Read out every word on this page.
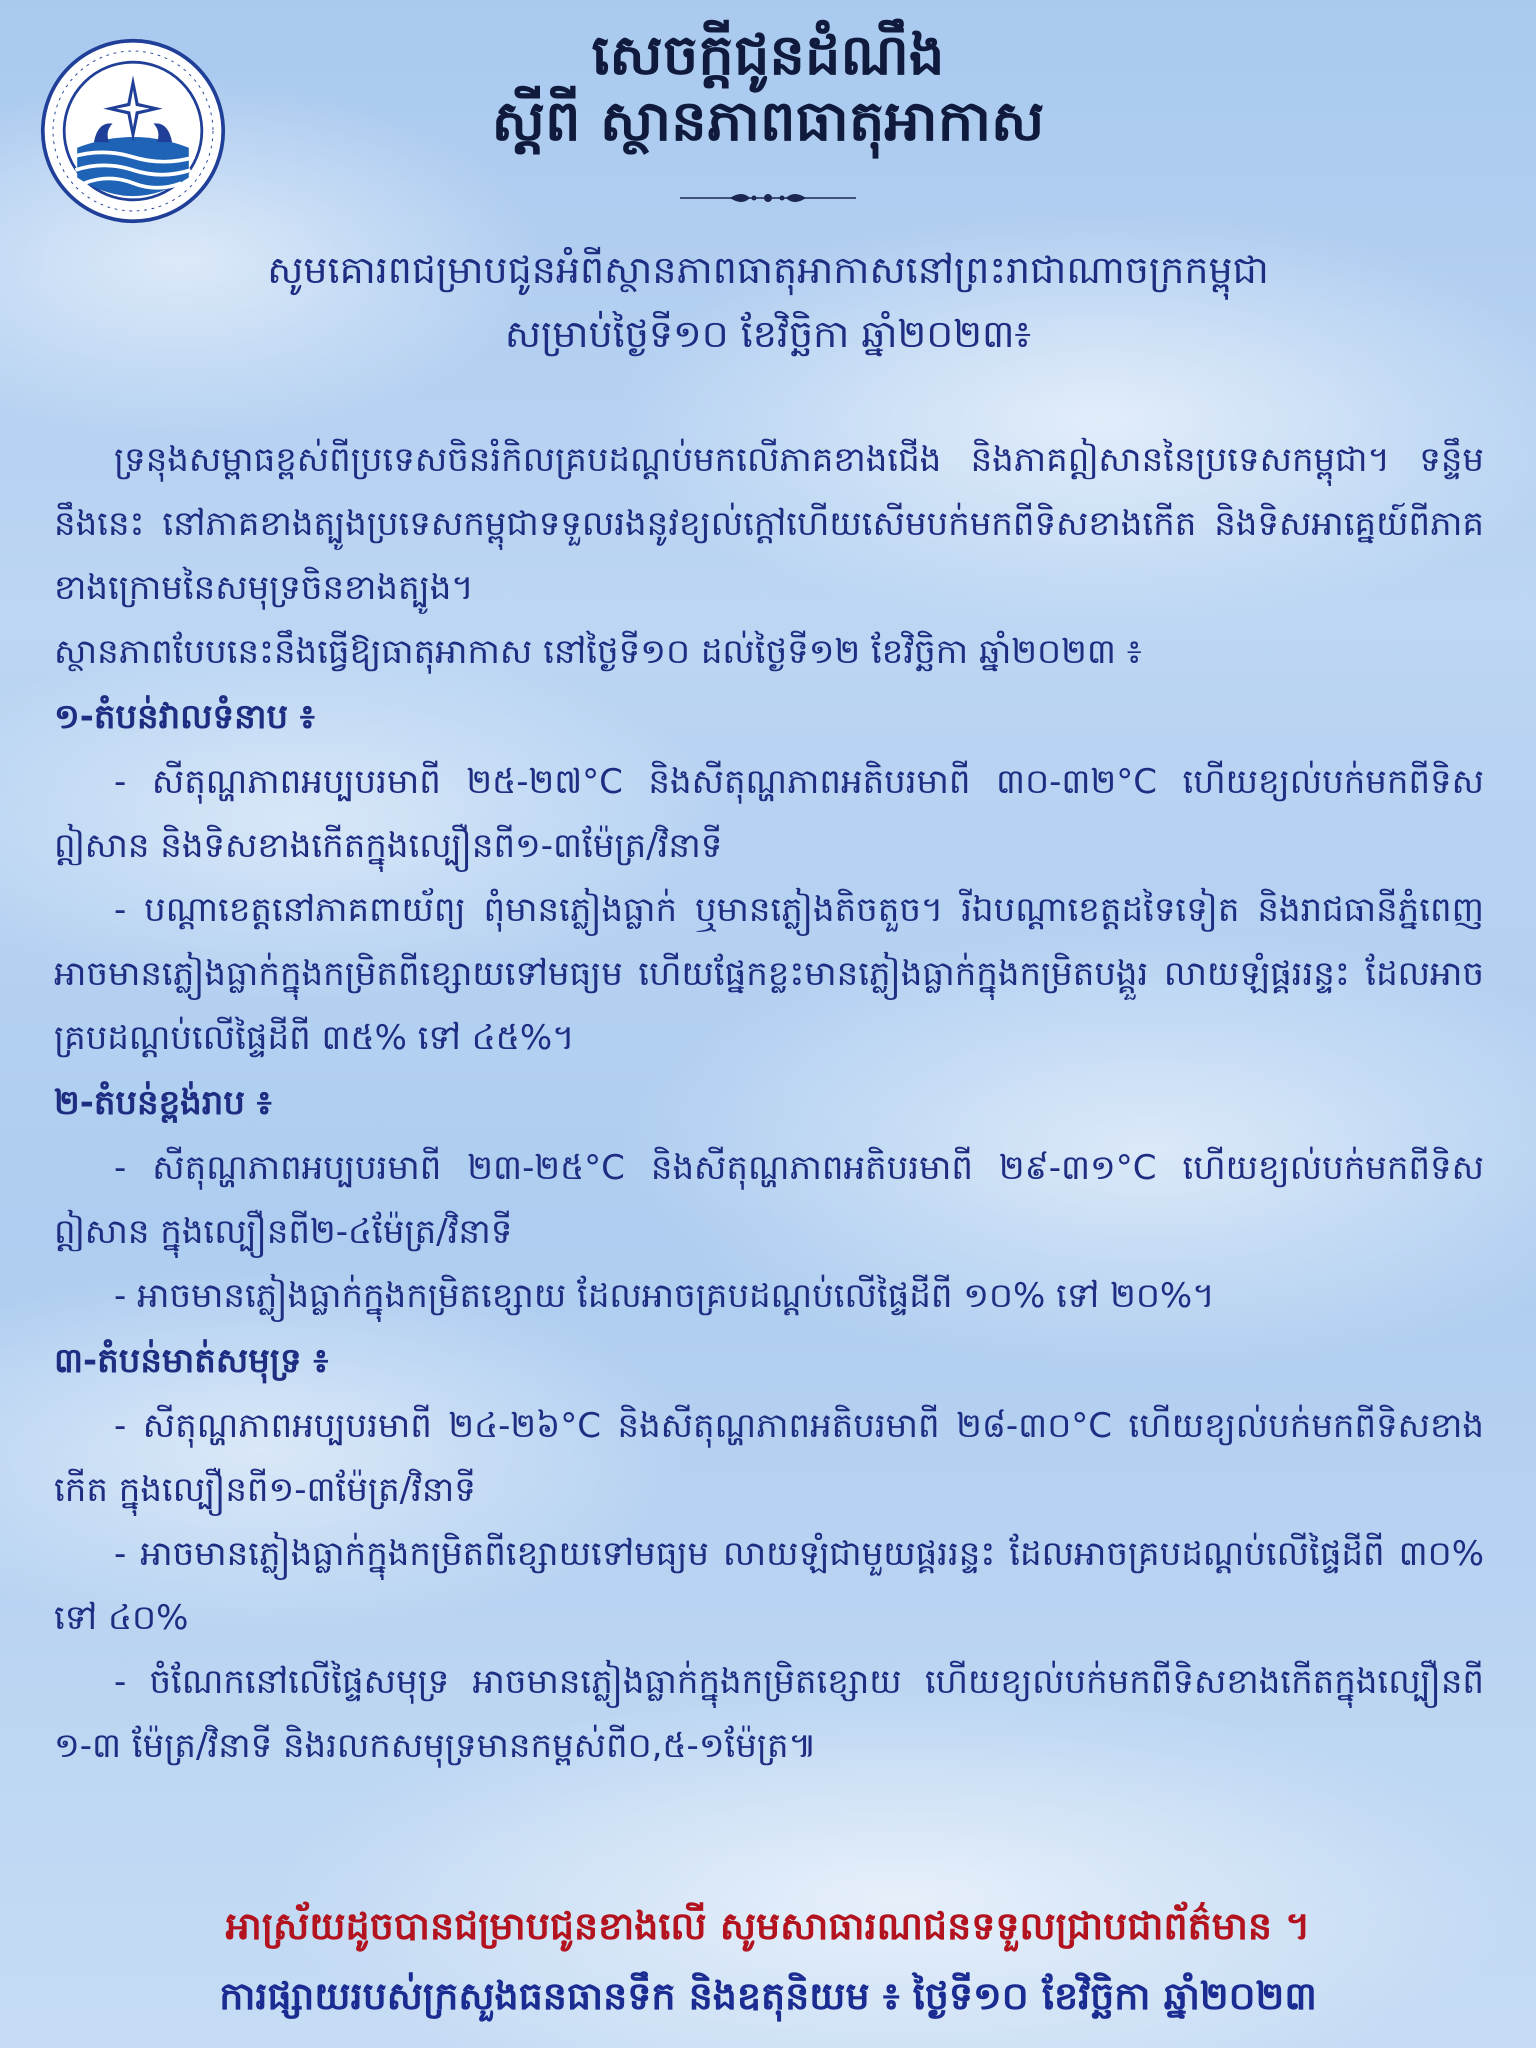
សេចក្តីជូនដំណឹង

ស្តីពី ស្ថានភាពធាតុអាកាស

សូមគោរពជម្រាបជូនអំពីស្ថានភាពធាតុអាកាសនៅព្រះរាជាណាចក្រកម្ពុជា
សម្រាប់ថ្ងៃទី១០ ខែវិច្ឆិកា ឆ្នាំ២០២៣៖

ទ្រនុងសម្ពាធខ្ពស់ពីប្រទេសចិនរំកិលគ្របដណ្តប់មកលើភាគខាងជើង និងភាគឦសាននៃប្រទេសកម្ពុជា។ ទន្ទឹមនឹងនេះ នៅភាគខាងត្បូងប្រទេសកម្ពុជាទទួលរងនូវខ្យល់ក្តៅហើយសើមបក់មកពីទិសខាងកើត និងទិសអាគ្នេយ៍ពីភាគខាងក្រោមនៃសមុទ្រចិនខាងត្បូង។

ស្ថានភាពបែបនេះនឹងធ្វើឱ្យធាតុអាកាស នៅថ្ងៃទី១០ ដល់ថ្ងៃទី១២ ខែវិច្ឆិកា ឆ្នាំ២០២៣ ៖

១-តំបន់វាលទំនាប ៖

- សីតុណ្ហភាពអប្បបរមាពី ២៥-២៧°C និងសីតុណ្ហភាពអតិបរមាពី ៣០-៣២°C ហើយខ្យល់បក់មកពីទិសឦសាន និងទិសខាងកើតក្នុងល្បឿនពី១-៣ម៉ែត្រ/វិនាទី

- បណ្តាខេត្តនៅភាគពាយ័ព្យ ពុំមានភ្លៀងធ្លាក់ ឬមានភ្លៀងតិចតួច។ រីឯបណ្តាខេត្តដទៃទៀត និងរាជធានីភ្នំពេញ អាចមានភ្លៀងធ្លាក់ក្នុងកម្រិតពីខ្សោយទៅមធ្យម ហើយផ្នែកខ្លះមានភ្លៀងធ្លាក់ក្នុងកម្រិតបង្គួរ លាយឡំផ្គររន្ទះ ដែលអាចគ្របដណ្តប់លើផ្ទៃដីពី ៣៥% ទៅ ៤៥%។

២-តំបន់ខ្ពង់រាប ៖

- សីតុណ្ហភាពអប្បបរមាពី ២៣-២៥°C និងសីតុណ្ហភាពអតិបរមាពី ២៩-៣១°C ហើយខ្យល់បក់មកពីទិសឦសាន ក្នុងល្បឿនពី២-៤ម៉ែត្រ/វិនាទី

- អាចមានភ្លៀងធ្លាក់ក្នុងកម្រិតខ្សោយ ដែលអាចគ្របដណ្តប់លើផ្ទៃដីពី ១០% ទៅ ២០%។

៣-តំបន់មាត់សមុទ្រ ៖

- សីតុណ្ហភាពអប្បបរមាពី ២៤-២៦°C និងសីតុណ្ហភាពអតិបរមាពី ២៨-៣០°C ហើយខ្យល់បក់មកពីទិសខាងកើត ក្នុងល្បឿនពី១-៣ម៉ែត្រ/វិនាទី

- អាចមានភ្លៀងធ្លាក់ក្នុងកម្រិតពីខ្សោយទៅមធ្យម លាយឡំជាមួយផ្គររន្ទះ ដែលអាចគ្របដណ្តប់លើផ្ទៃដីពី ៣០% ទៅ ៤០%

- ចំណែកនៅលើផ្ទៃសមុទ្រ អាចមានភ្លៀងធ្លាក់ក្នុងកម្រិតខ្សោយ ហើយខ្យល់បក់មកពីទិសខាងកើតក្នុងល្បឿនពី ១-៣ ម៉ែត្រ/វិនាទី និងរលកសមុទ្រមានកម្ពស់ពី០,៥-១ម៉ែត្រ៕

អាស្រ័យដូចបានជម្រាបជូនខាងលើ សូមសាធារណជនទទួលជ្រាបជាព័ត៌មាន ។
ការផ្សាយរបស់ក្រសួងធនធានទឹក និងឧតុនិយម ៖ ថ្ងៃទី១០ ខែវិច្ឆិកា ឆ្នាំ២០២៣
